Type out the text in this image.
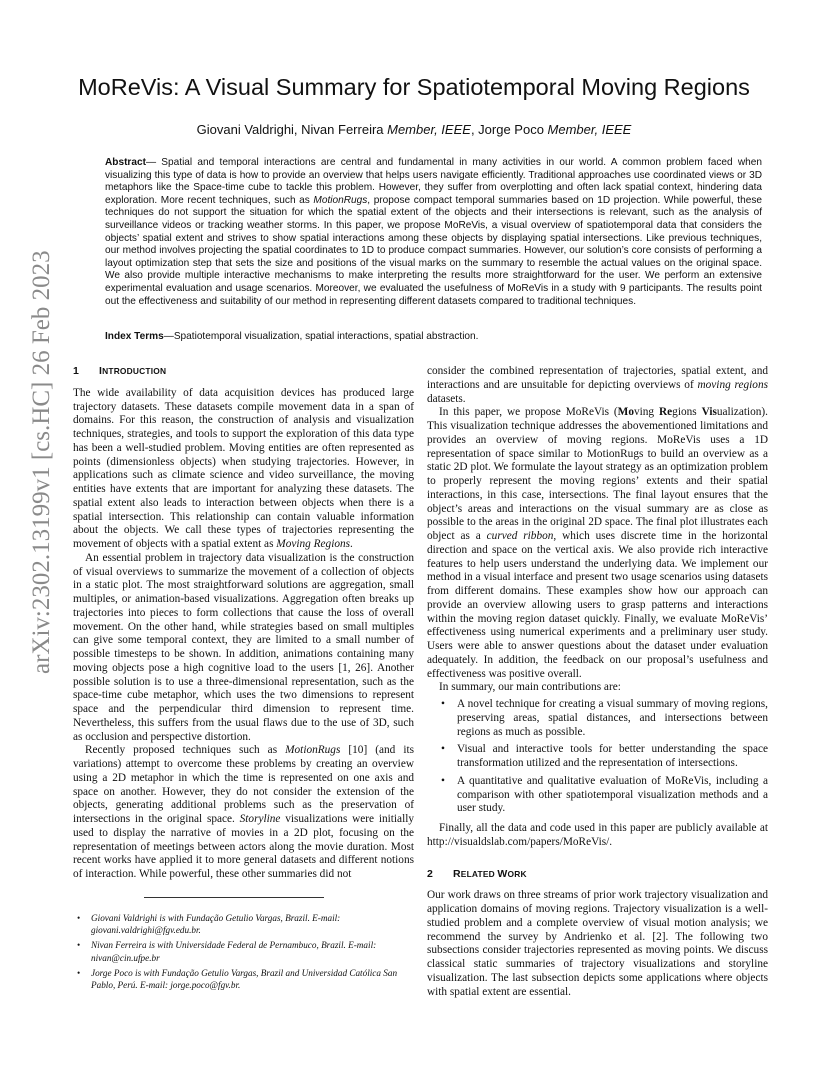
arXiv:2302.13199v1 [cs.HC] 26 Feb 2023
MoReVis: A Visual Summary for Spatiotemporal Moving Regions
Giovani Valdrighi, Nivan Ferreira Member, IEEE, Jorge Poco Member, IEEE
Abstract— Spatial and temporal interactions are central and fundamental in many activities in our world. A common problem faced when visualizing this type of data is how to provide an overview that helps users navigate efficiently. Traditional approaches use coordinated views or 3D metaphors like the Space-time cube to tackle this problem. However, they suffer from overplotting and often lack spatial context, hindering data exploration. More recent techniques, such as MotionRugs, propose compact temporal summaries based on 1D projection. While powerful, these techniques do not support the situation for which the spatial extent of the objects and their intersections is relevant, such as the analysis of surveillance videos or tracking weather storms. In this paper, we propose MoReVis, a visual overview of spatiotemporal data that considers the objects’ spatial extent and strives to show spatial interactions among these objects by displaying spatial intersections. Like previous techniques, our method involves projecting the spatial coordinates to 1D to produce compact summaries. However, our solution’s core consists of performing a layout optimization step that sets the size and positions of the visual marks on the summary to resemble the actual values on the original space. We also provide multiple interactive mechanisms to make interpreting the results more straightforward for the user. We perform an extensive experimental evaluation and usage scenarios. Moreover, we evaluated the usefulness of MoReVis in a study with 9 participants. The results point out the effectiveness and suitability of our method in representing different datasets compared to traditional techniques.
Index Terms—Spatiotemporal visualization, spatial interactions, spatial abstraction.
1 INTRODUCTION

The wide availability of data acquisition devices has produced large trajectory datasets. These datasets compile movement data in a span of domains. For this reason, the construction of analysis and visualization techniques, strategies, and tools to support the exploration of this data type has been a well-studied problem. Moving entities are often represented as points (dimensionless objects) when studying trajectories. However, in applications such as climate science and video surveillance, the moving entities have extents that are important for analyzing these datasets. The spatial extent also leads to interaction between objects when there is a spatial intersection. This relationship can contain valuable information about the objects. We call these types of trajectories representing the movement of objects with a spatial extent as Moving Regions.

An essential problem in trajectory data visualization is the construction of visual overviews to summarize the movement of a collection of objects in a static plot. The most straightforward solutions are aggregation, small multiples, or animation-based visualizations. Aggregation often breaks up trajectories into pieces to form collections that cause the loss of overall movement. On the other hand, while strategies based on small multiples can give some temporal context, they are limited to a small number of possible timesteps to be shown. In addition, animations containing many moving objects pose a high cognitive load to the users [1, 26]. Another possible solution is to use a three-dimensional representation, such as the space-time cube metaphor, which uses the two dimensions to represent space and the perpendicular third dimension to represent time. Nevertheless, this suffers from the usual flaws due to the use of 3D, such as occlusion and perspective distortion.

Recently proposed techniques such as MotionRugs [10] (and its variations) attempt to overcome these problems by creating an overview using a 2D metaphor in which the time is represented on one axis and space on another. However, they do not consider the extension of the objects, generating additional problems such as the preservation of intersections in the original space. Storyline visualizations were initially used to display the narrative of movies in a 2D plot, focusing on the representation of meetings between actors along the movie duration. Most recent works have applied it to more general datasets and different notions of interaction. While powerful, these other summaries did not

• Giovani Valdrighi is with Fundação Getulio Vargas, Brazil. E-mail: giovani.valdrighi@fgv.edu.br.
• Nivan Ferreira is with Universidade Federal de Pernambuco, Brazil. E-mail: nivan@cin.ufpe.br
• Jorge Poco is with Fundação Getulio Vargas, Brazil and Universidad Católica San Pablo, Perú. E-mail: jorge.poco@fgv.br.

consider the combined representation of trajectories, spatial extent, and interactions and are unsuitable for depicting overviews of moving regions datasets.

In this paper, we propose MoReVis (Moving Regions Visualization). This visualization technique addresses the abovementioned limitations and provides an overview of moving regions. MoReVis uses a 1D representation of space similar to MotionRugs to build an overview as a static 2D plot. We formulate the layout strategy as an optimization problem to properly represent the moving regions’ extents and their spatial interactions, in this case, intersections. The final layout ensures that the object’s areas and interactions on the visual summary are as close as possible to the areas in the original 2D space. The final plot illustrates each object as a curved ribbon, which uses discrete time in the horizontal direction and space on the vertical axis. We also provide rich interactive features to help users understand the underlying data. We implement our method in a visual interface and present two usage scenarios using datasets from different domains. These examples show how our approach can provide an overview allowing users to grasp patterns and interactions within the moving region dataset quickly. Finally, we evaluate MoReVis’ effectiveness using numerical experiments and a preliminary user study. Users were able to answer questions about the dataset under evaluation adequately. In addition, the feedback on our proposal’s usefulness and effectiveness was positive overall.

In summary, our main contributions are:

• A novel technique for creating a visual summary of moving regions, preserving areas, spatial distances, and intersections between regions as much as possible.
• Visual and interactive tools for better understanding the space transformation utilized and the representation of intersections.
• A quantitative and qualitative evaluation of MoReVis, including a comparison with other spatiotemporal visualization methods and a user study.

Finally, all the data and code used in this paper are publicly available at http://visualdslab.com/papers/MoReVis/.

2 RELATED WORK

Our work draws on three streams of prior work trajectory visualization and application domains of moving regions. Trajectory visualization is a well-studied problem and a complete overview of visual motion analysis; we recommend the survey by Andrienko et al. [2]. The following two subsections consider trajectories represented as moving points. We discuss classical static summaries of trajectory visualizations and storyline visualization. The last subsection depicts some applications where objects with spatial extent are essential.
